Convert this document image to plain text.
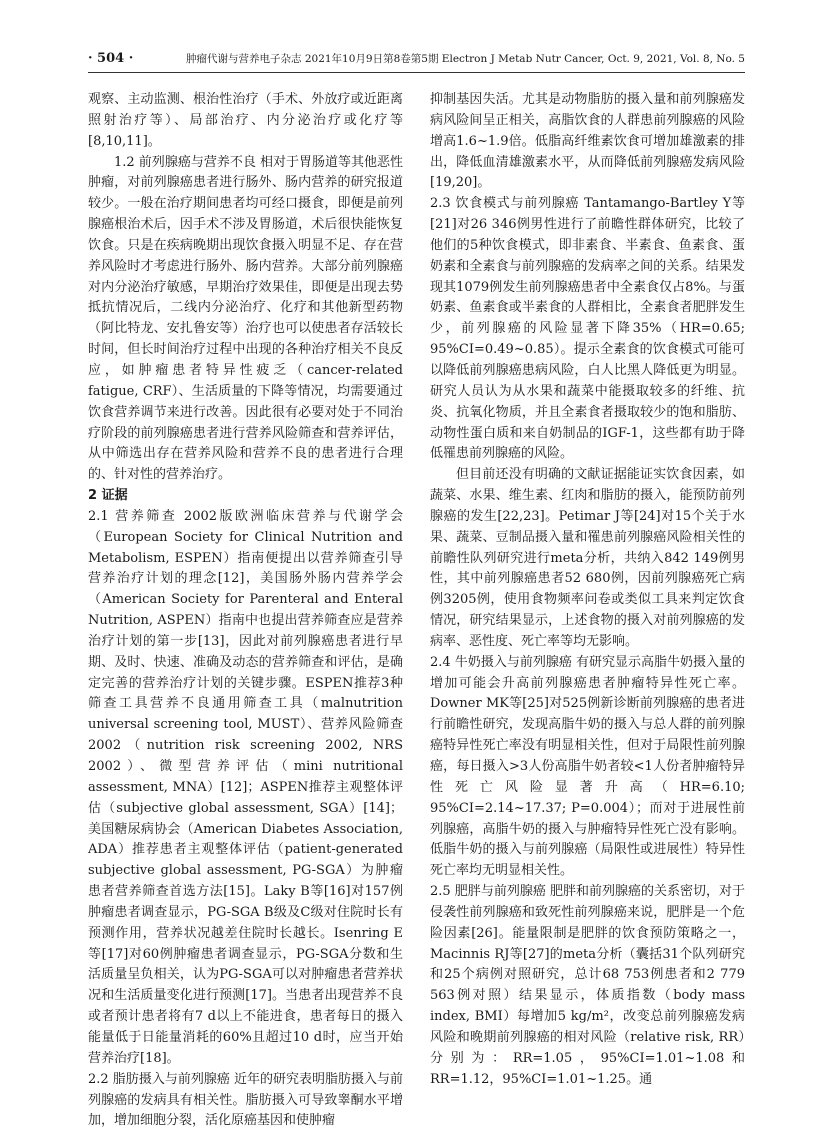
· 504 ·	肿瘤代谢与营养电子杂志 2021年10月9日第8卷第5期 Electron J Metab Nutr Cancer, Oct. 9, 2021, Vol. 8, No. 5

观察、主动监测、根治性治疗（手术、外放疗或近距离照射治疗等）、局部治疗、内分泌治疗或化疗等[8,10,11]。

1.2 前列腺癌与营养不良 相对于胃肠道等其他恶性肿瘤，对前列腺癌患者进行肠外、肠内营养的研究报道较少。一般在治疗期间患者均可经口摄食，即便是前列腺癌根治术后，因手术不涉及胃肠道，术后很快能恢复饮食。只是在疾病晚期出现饮食摄入明显不足、存在营养风险时才考虑进行肠外、肠内营养。大部分前列腺癌对内分泌治疗敏感，早期治疗效果佳，即便是出现去势抵抗情况后，二线内分泌治疗、化疗和其他新型药物（阿比特龙、安扎鲁安等）治疗也可以使患者存活较长时间，但长时间治疗过程中出现的各种治疗相关不良反应，如肿瘤患者特异性疲乏（cancer-related fatigue, CRF）、生活质量的下降等情况，均需要通过饮食营养调节来进行改善。因此很有必要对处于不同治疗阶段的前列腺癌患者进行营养风险筛查和营养评估，从中筛选出存在营养风险和营养不良的患者进行合理的、针对性的营养治疗。

2 证据

2.1 营养筛查 2002版欧洲临床营养与代谢学会（European Society for Clinical Nutrition and Metabolism, ESPEN）指南便提出以营养筛查引导营养治疗计划的理念[12]，美国肠外肠内营养学会（American Society for Parenteral and Enteral Nutrition, ASPEN）指南中也提出营养筛查应是营养治疗计划的第一步[13]，因此对前列腺癌患者进行早期、及时、快速、准确及动态的营养筛查和评估，是确定完善的营养治疗计划的关键步骤。ESPEN推荐3种筛查工具营养不良通用筛查工具（malnutrition universal screening tool, MUST）、营养风险筛查2002（nutrition risk screening 2002, NRS 2002）、微型营养评估（mini nutritional assessment, MNA）[12]；ASPEN推荐主观整体评估（subjective global assessment, SGA）[14]；美国糖尿病协会（American Diabetes Association, ADA）推荐患者主观整体评估（patient-generated subjective global assessment, PG-SGA）为肿瘤患者营养筛查首选方法[15]。Laky B等[16]对157例肿瘤患者调查显示，PG-SGA B级及C级对住院时长有预测作用，营养状况越差住院时长越长。Isenring E等[17]对60例肿瘤患者调查显示，PG-SGA分数和生活质量呈负相关，认为PG-SGA可以对肿瘤患者营养状况和生活质量变化进行预测[17]。当患者出现营养不良或者预计患者将有7 d以上不能进食，患者每日的摄入能量低于日能量消耗的60%且超过10 d时，应当开始营养治疗[18]。

2.2 脂肪摄入与前列腺癌 近年的研究表明脂肪摄入与前列腺癌的发病具有相关性。脂肪摄入可导致睾酮水平增加，增加细胞分裂，活化原癌基因和使肿瘤

抑制基因失活。尤其是动物脂肪的摄入量和前列腺癌发病风险间呈正相关，高脂饮食的人群患前列腺癌的风险增高1.6~1.9倍。低脂高纤维素饮食可增加雄激素的排出，降低血清雄激素水平，从而降低前列腺癌发病风险[19,20]。

2.3 饮食模式与前列腺癌 Tantamango-Bartley Y等[21]对26 346例男性进行了前瞻性群体研究，比较了他们的5种饮食模式，即非素食、半素食、鱼素食、蛋奶素和全素食与前列腺癌的发病率之间的关系。结果发现其1079例发生前列腺癌患者中全素食仅占8%。与蛋奶素、鱼素食或半素食的人群相比，全素食者肥胖发生少，前列腺癌的风险显著下降35%（HR=0.65; 95%CI=0.49~0.85）。提示全素食的饮食模式可能可以降低前列腺癌患病风险，白人比黑人降低更为明显。研究人员认为从水果和蔬菜中能摄取较多的纤维、抗炎、抗氧化物质，并且全素食者摄取较少的饱和脂肪、动物性蛋白质和来自奶制品的IGF-1，这些都有助于降低罹患前列腺癌的风险。

但目前还没有明确的文献证据能证实饮食因素，如蔬菜、水果、维生素、红肉和脂肪的摄入，能预防前列腺癌的发生[22,23]。Petimar J等[24]对15个关于水果、蔬菜、豆制品摄入量和罹患前列腺癌风险相关性的前瞻性队列研究进行meta分析，共纳入842 149例男性，其中前列腺癌患者52 680例，因前列腺癌死亡病例3205例，使用食物频率问卷或类似工具来判定饮食情况，研究结果显示，上述食物的摄入对前列腺癌的发病率、恶性度、死亡率等均无影响。

2.4 牛奶摄入与前列腺癌 有研究显示高脂牛奶摄入量的增加可能会升高前列腺癌患者肿瘤特异性死亡率。Downer MK等[25]对525例新诊断前列腺癌的患者进行前瞻性研究，发现高脂牛奶的摄入与总人群的前列腺癌特异性死亡率没有明显相关性，但对于局限性前列腺癌，每日摄入>3人份高脂牛奶者较<1人份者肿瘤特异性死亡风险显著升高（HR=6.10; 95%CI=2.14~17.37; P=0.004）；而对于进展性前列腺癌，高脂牛奶的摄入与肿瘤特异性死亡没有影响。低脂牛奶的摄入与前列腺癌（局限性或进展性）特异性死亡率均无明显相关性。

2.5 肥胖与前列腺癌 肥胖和前列腺癌的关系密切，对于侵袭性前列腺癌和致死性前列腺癌来说，肥胖是一个危险因素[26]。能量限制是肥胖的饮食预防策略之一，Macinnis RJ等[27]的meta分析（囊括31个队列研究和25个病例对照研究，总计68 753例患者和2 779 563例对照）结果显示，体质指数（body mass index, BMI）每增加5 kg/m²，改变总前列腺癌发病风险和晚期前列腺癌的相对风险（relative risk, RR）分别为：RR=1.05，95%CI=1.01~1.08和RR=1.12，95%CI=1.01~1.25。通
